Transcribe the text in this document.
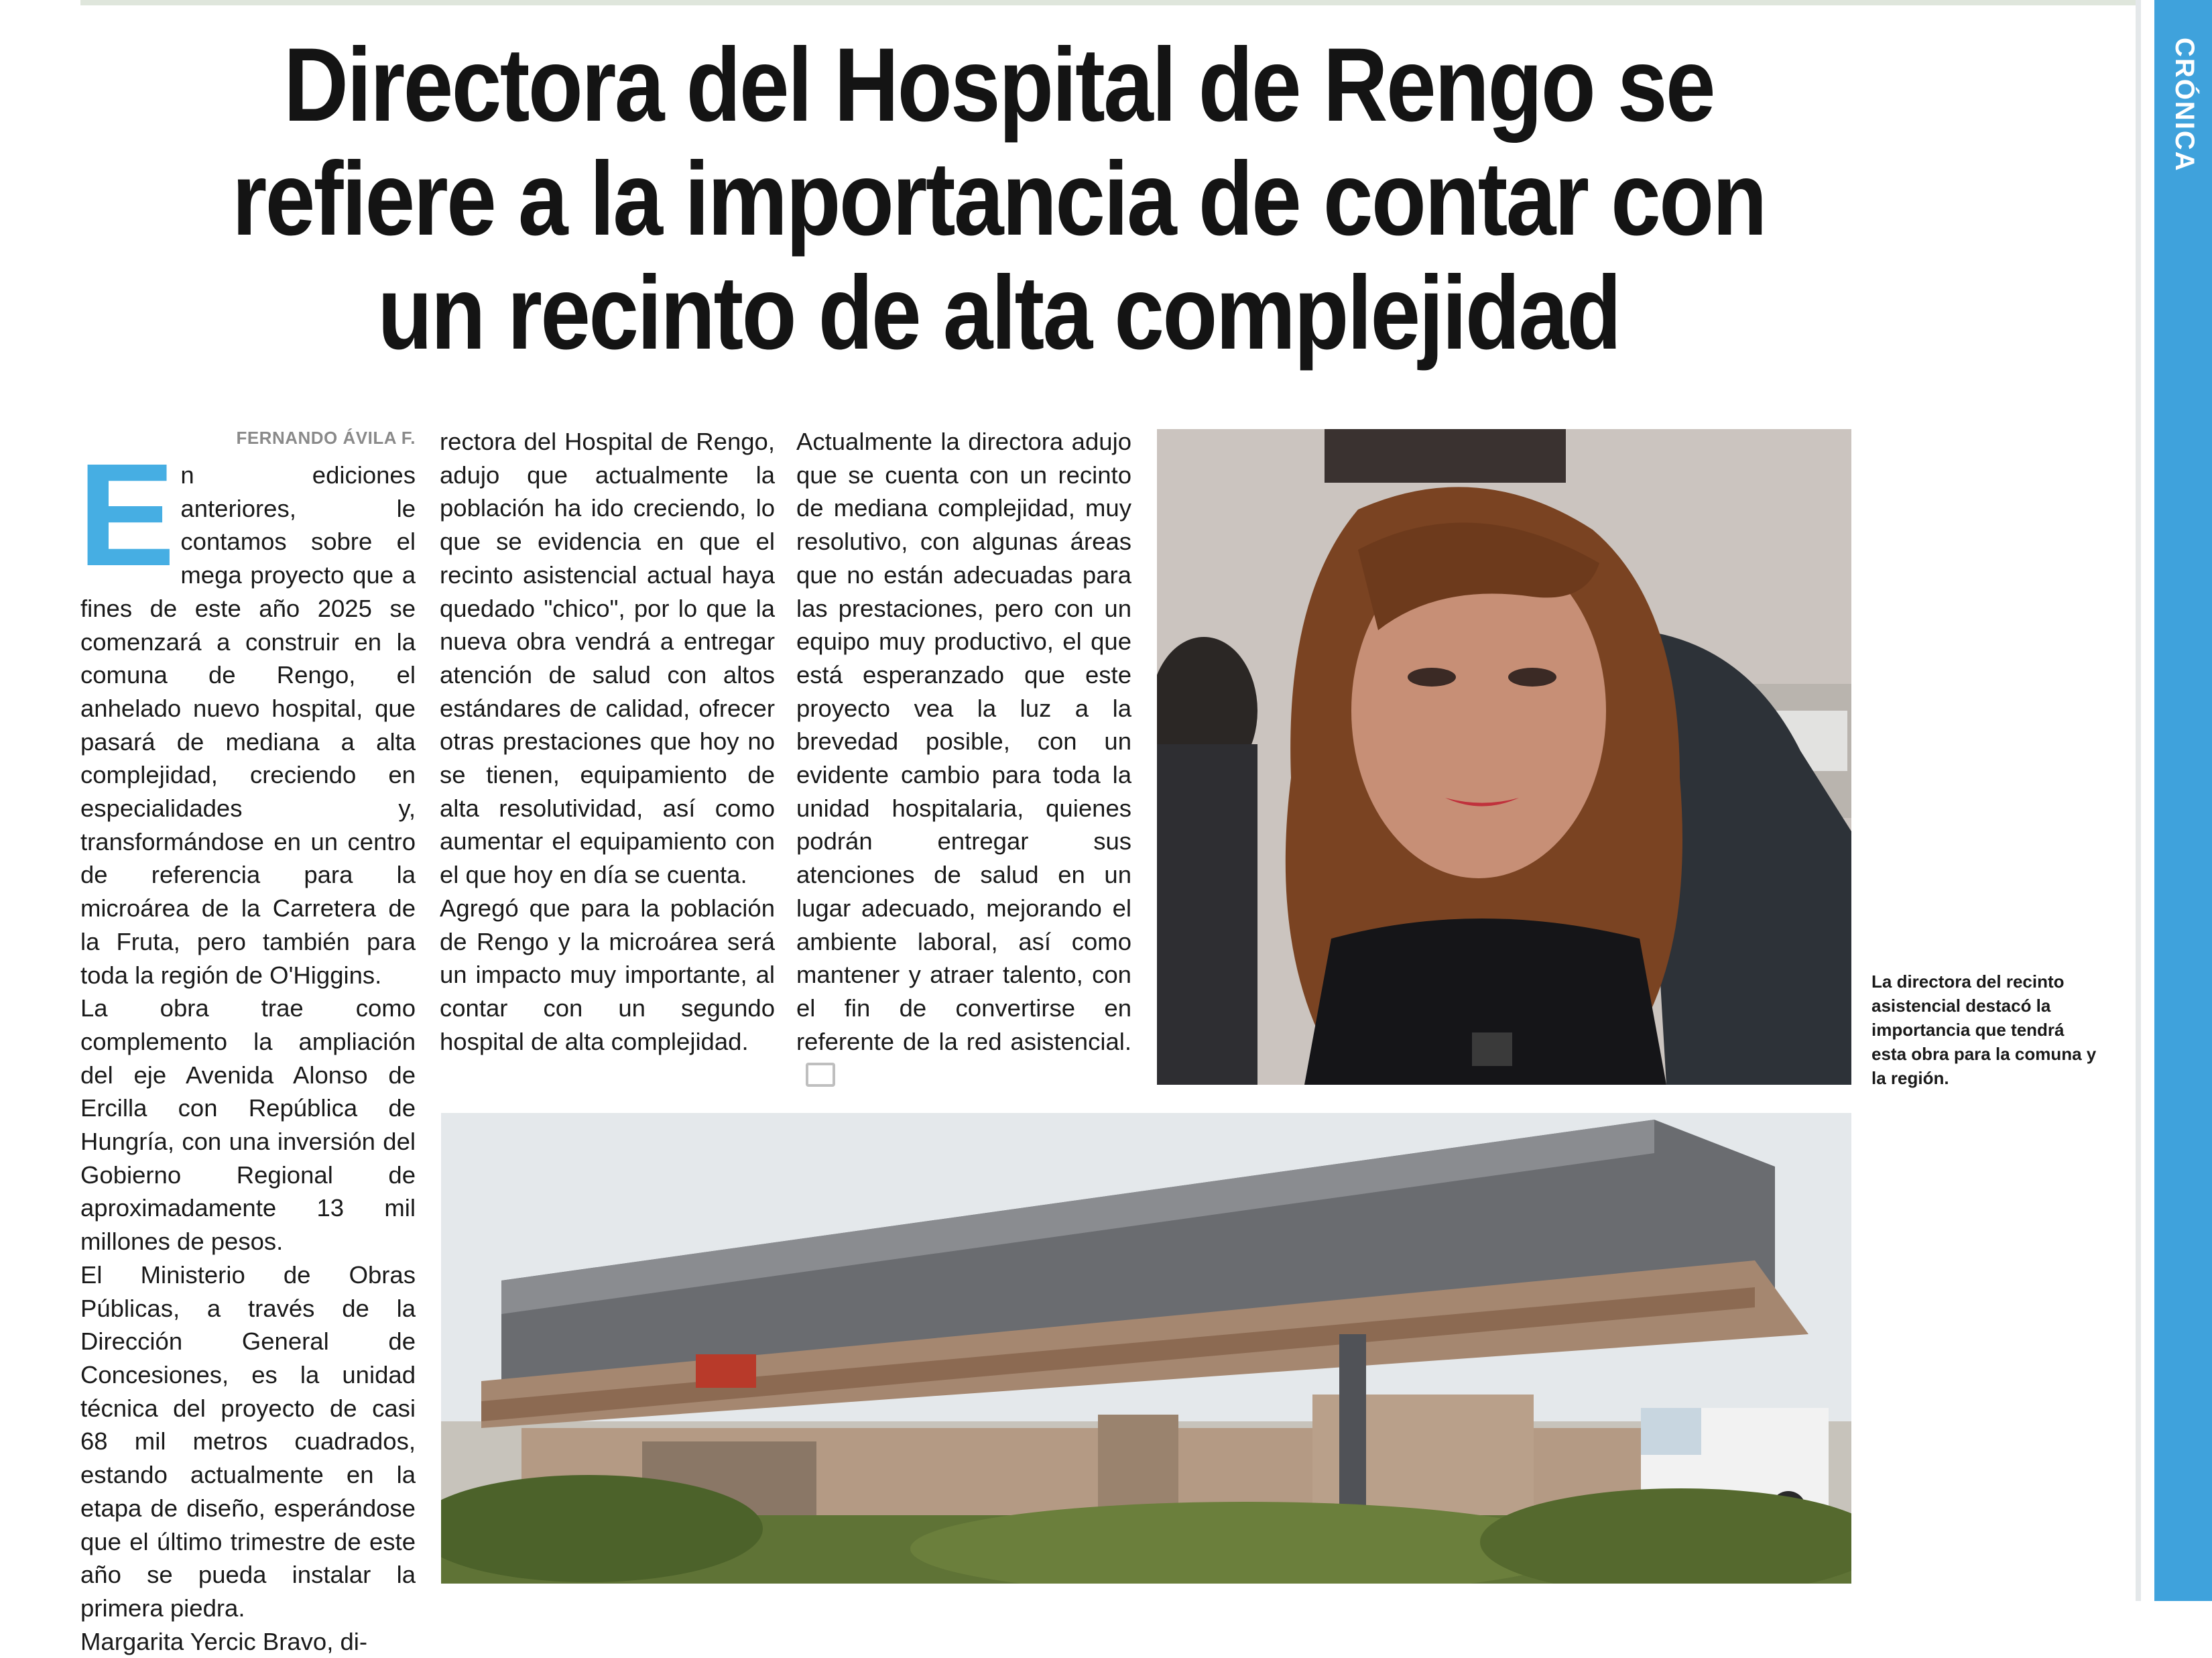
CRÓNICA
Directora del Hospital de Rengo se refiere a la importancia de contar con un recinto de alta complejidad
FERNANDO ÁVILA F.

En ediciones anteriores, le contamos sobre el mega proyecto que a fines de este año 2025 se comenzará a construir en la comuna de Rengo, el anhelado nuevo hospital, que pasará de mediana a alta complejidad, creciendo en especialidades y, transformándose en un centro de referencia para la microárea de la Carretera de la Fruta, pero también para toda la región de O'Higgins.

La obra trae como complemento la ampliación del eje Avenida Alonso de Ercilla con República de Hungría, con una inversión del Gobierno Regional de aproximadamente 13 mil millones de pesos.

El Ministerio de Obras Públicas, a través de la Dirección General de Concesiones, es la unidad técnica del proyecto de casi 68 mil metros cuadrados, estando actualmente en la etapa de diseño, esperándose que el último trimestre de este año se pueda instalar la primera piedra.

Margarita Yercic Bravo, di-

rectora del Hospital de Rengo, adujo que actualmente la población ha ido creciendo, lo que se evidencia en que el recinto asistencial actual haya quedado "chico", por lo que la nueva obra vendrá a entregar atención de salud con altos estándares de calidad, ofrecer otras prestaciones que hoy no se tienen, equipamiento de alta resolutividad, así como aumentar el equipamiento con el que hoy en día se cuenta.

Agregó que para la población de Rengo y la microárea será un impacto muy importante, al contar con un segundo hospital de alta complejidad.

Actualmente la directora adujo que se cuenta con un recinto de mediana complejidad, muy resolutivo, con algunas áreas que no están adecuadas para las prestaciones, pero con un equipo muy productivo, el que está esperanzado que este proyecto vea la luz a la brevedad posible, con un evidente cambio para toda la unidad hospitalaria, quienes podrán entregar sus atenciones de salud en un lugar adecuado, mejorando el ambiente laboral, así como mantener y atraer talento, con el fin de convertirse en referente de la red asistencial.

La directora del recinto asistencial destacó la importancia que tendrá esta obra para la comuna y la región.
